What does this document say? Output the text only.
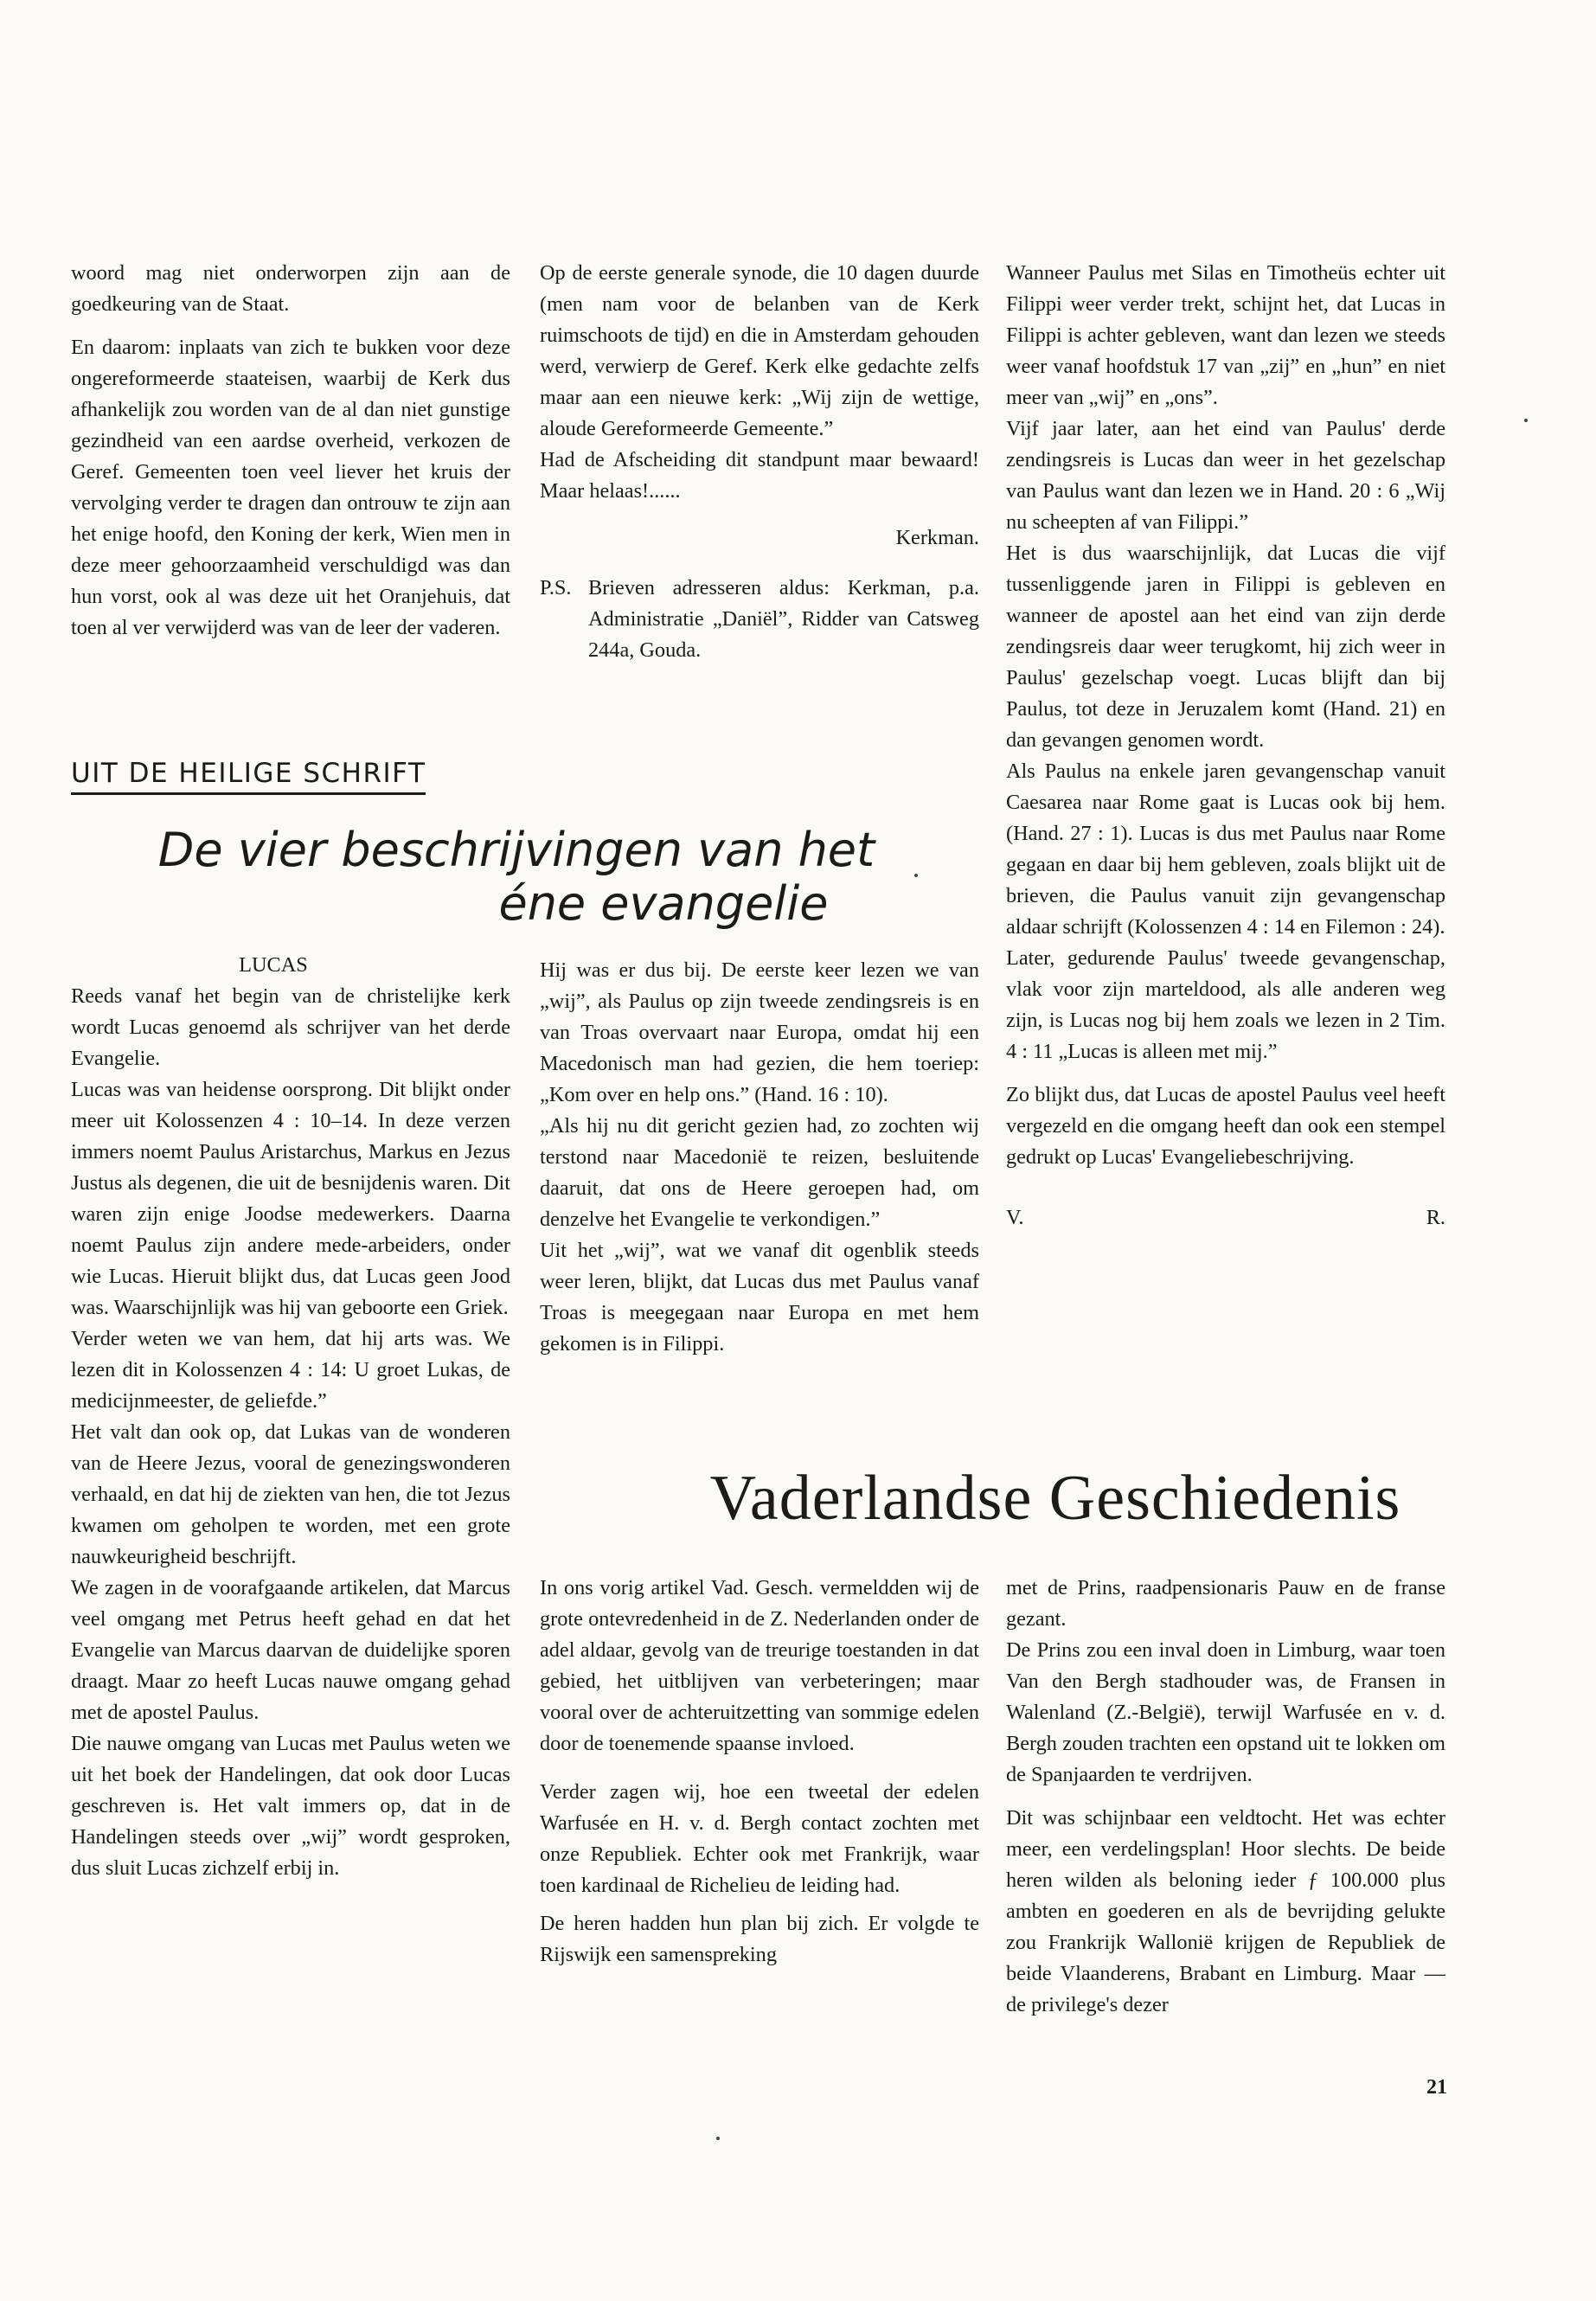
woord mag niet onderworpen zijn aan de goedkeuring van de Staat.

En daarom: inplaats van zich te bukken voor deze ongereformeerde staateisen, waarbij de Kerk dus afhankelijk zou worden van de al dan niet gunstige gezindheid van een aardse overheid, verkozen de Geref. Gemeenten toen veel liever het kruis der vervolging verder te dragen dan ontrouw te zijn aan het enige hoofd, den Koning der kerk, Wien men in deze meer gehoorzaamheid verschuldigd was dan hun vorst, ook al was deze uit het Oranjehuis, dat toen al ver verwijderd was van de leer der vaderen.

Op de eerste generale synode, die 10 dagen duurde (men nam voor de belanben van de Kerk ruimschoots de tijd) en die in Amsterdam gehouden werd, verwierp de Geref. Kerk elke gedachte zelfs maar aan een nieuwe kerk: „Wij zijn de wettige, aloude Gereformeerde Gemeente.”

Had de Afscheiding dit standpunt maar bewaard! Maar helaas!......

Kerkman.

P.S. Brieven adresseren aldus: Kerkman, p.a. Administratie „Daniël”, Ridder van Catsweg 244a, Gouda.

Wanneer Paulus met Silas en Timotheüs echter uit Filippi weer verder trekt, schijnt het, dat Lucas in Filippi is achter gebleven, want dan lezen we steeds weer vanaf hoofdstuk 17 van „zij” en „hun” en niet meer van „wij” en „ons”.

Vijf jaar later, aan het eind van Paulus' derde zendingsreis is Lucas dan weer in het gezelschap van Paulus want dan lezen we in Hand. 20 : 6 „Wij nu scheepten af van Filippi.”

Het is dus waarschijnlijk, dat Lucas die vijf tussenliggende jaren in Filippi is gebleven en wanneer de apostel aan het eind van zijn derde zendingsreis daar weer terugkomt, hij zich weer in Paulus' gezelschap voegt. Lucas blijft dan bij Paulus, tot deze in Jeruzalem komt (Hand. 21) en dan gevangen genomen wordt.

Als Paulus na enkele jaren gevangenschap vanuit Caesarea naar Rome gaat is Lucas ook bij hem. (Hand. 27 : 1). Lucas is dus met Paulus naar Rome gegaan en daar bij hem gebleven, zoals blijkt uit de brieven, die Paulus vanuit zijn gevangenschap aldaar schrijft (Kolossenzen 4 : 14 en Filemon : 24).

Later, gedurende Paulus' tweede gevangenschap, vlak voor zijn marteldood, als alle anderen weg zijn, is Lucas nog bij hem zoals we lezen in 2 Tim. 4 : 11 „Lucas is alleen met mij.”

Zo blijkt dus, dat Lucas de apostel Paulus veel heeft vergezeld en die omgang heeft dan ook een stempel gedrukt op Lucas' Evangeliebeschrijving.

V.	R.
UIT DE HEILIGE SCHRIFT
De vier beschrijvingen van het
éne evangelie

LUCAS

Reeds vanaf het begin van de christelijke kerk wordt Lucas genoemd als schrijver van het derde Evangelie.

Lucas was van heidense oorsprong. Dit blijkt onder meer uit Kolossenzen 4 : 10–14. In deze verzen immers noemt Paulus Aristarchus, Markus en Jezus Justus als degenen, die uit de besnijdenis waren. Dit waren zijn enige Joodse medewerkers. Daarna noemt Paulus zijn andere mede-arbeiders, onder wie Lucas. Hieruit blijkt dus, dat Lucas geen Jood was. Waarschijnlijk was hij van geboorte een Griek.

Verder weten we van hem, dat hij arts was. We lezen dit in Kolossenzen 4 : 14: U groet Lukas, de medicijnmeester, de geliefde.”

Het valt dan ook op, dat Lukas van de wonderen van de Heere Jezus, vooral de genezingswonderen verhaald, en dat hij de ziekten van hen, die tot Jezus kwamen om geholpen te worden, met een grote nauwkeurigheid beschrijft.

We zagen in de voorafgaande artikelen, dat Marcus veel omgang met Petrus heeft gehad en dat het Evangelie van Marcus daarvan de duidelijke sporen draagt. Maar zo heeft Lucas nauwe omgang gehad met de apostel Paulus.

Die nauwe omgang van Lucas met Paulus weten we uit het boek der Handelingen, dat ook door Lucas geschreven is. Het valt immers op, dat in de Handelingen steeds over „wij” wordt gesproken, dus sluit Lucas zichzelf erbij in.

Hij was er dus bij. De eerste keer lezen we van „wij”, als Paulus op zijn tweede zendingsreis is en van Troas overvaart naar Europa, omdat hij een Macedonisch man had gezien, die hem toeriep: „Kom over en help ons.” (Hand. 16 : 10).

„Als hij nu dit gericht gezien had, zo zochten wij terstond naar Macedonië te reizen, besluitende daaruit, dat ons de Heere geroepen had, om denzelve het Evangelie te verkondigen.”

Uit het „wij”, wat we vanaf dit ogenblik steeds weer leren, blijkt, dat Lucas dus met Paulus vanaf Troas is meegegaan naar Europa en met hem gekomen is in Filippi.

Vaderlandse Geschiedenis

In ons vorig artikel Vad. Gesch. vermeldden wij de grote ontevredenheid in de Z. Nederlanden onder de adel aldaar, gevolg van de treurige toestanden in dat gebied, het uitblijven van verbeteringen; maar vooral over de achteruitzetting van sommige edelen door de toenemende spaanse invloed.

Verder zagen wij, hoe een tweetal der edelen Warfusée en H. v. d. Bergh contact zochten met onze Republiek. Echter ook met Frankrijk, waar toen kardinaal de Richelieu de leiding had.

De heren hadden hun plan bij zich. Er volgde te Rijswijk een samenspreking

met de Prins, raadpensionaris Pauw en de franse gezant.

De Prins zou een inval doen in Limburg, waar toen Van den Bergh stadhouder was, de Fransen in Walenland (Z.-België), terwijl Warfusée en v. d. Bergh zouden trachten een opstand uit te lokken om de Spanjaarden te verdrijven.

Dit was schijnbaar een veldtocht. Het was echter meer, een verdelingsplan! Hoor slechts. De beide heren wilden als beloning ieder ƒ 100.000 plus ambten en goederen en als de bevrijding gelukte zou Frankrijk Wallonië krijgen de Republiek de beide Vlaanderens, Brabant en Limburg. Maar — de privilege's dezer

21
